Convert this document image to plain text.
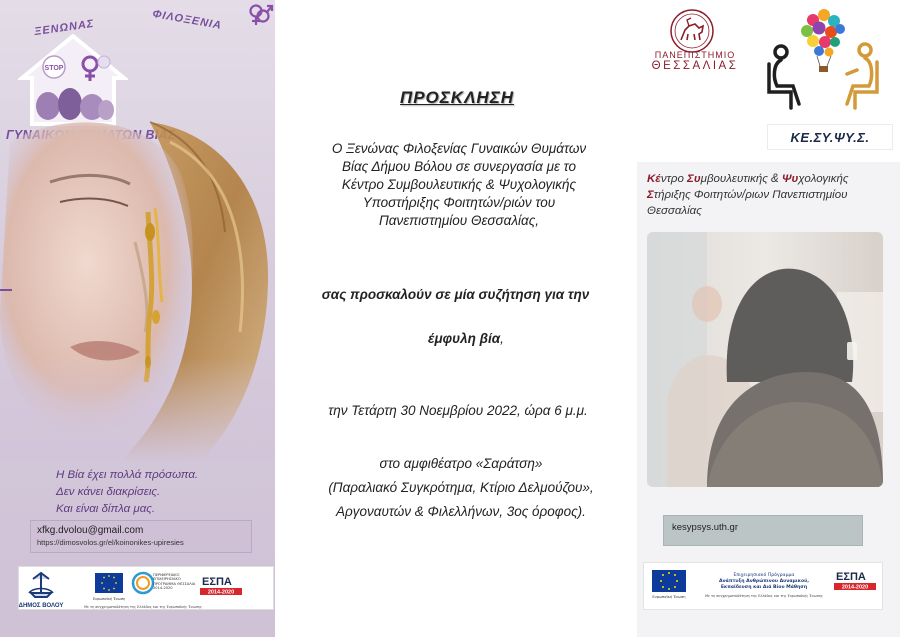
ΞΕΝΩΝΑΣ	ΦΙΛΟΞΕΝΙΑ
STOP
Η Βία έχει πολλά πρόσωπα.
Δεν κάνει διακρίσεις.
Και είναι δίπλα μας.
xfkg.dvolou@gmail.com
https://dimosvolos.gr/el/koinonikes-upiresies
ΔΗΜΟΣ ΒΟΛΟΥ
Ευρωπαϊκή Ένωση
ΠΕΡΙΦΕΡΕΙΑΚΟ ΕΠΙΧΕΙΡΗΣΙΑΚΟ ΠΡΟΓΡΑΜΜΑ ΘΕΣΣΑΛΙΑ 2014-2020
ΕΣΠΑ
2014-2020
Με τη συγχρηματοδότηση της Ελλάδας και της Ευρωπαϊκής Ένωσης
ΠΡΟΣΚΛΗΣΗ
Ο Ξενώνας Φιλοξενίας Γυναικών Θυμάτων
Βίας Δήμου Βόλου σε συνεργασία με το
Κέντρο Συμβουλευτικής & Ψυχολογικής
Υποστήριξης Φοιτητών/ριών του
Πανεπιστημίου Θεσσαλίας,
σας προσκαλούν σε μία συζήτηση για την
έμφυλη βία,
την Τετάρτη 30 Νοεμβρίου 2022, ώρα 6 μ.μ.
στο αμφιθέατρο «Σαράτση»
(Παραλιακό Συγκρότημα, Κτίριο Δελμούζου»,
Αργοναυτών & Φιλελλήνων, 3ος όροφος).
ΠΑΝΕΠΙΣΤΗΜΙΟ
ΘΕΣΣΑΛΙΑΣ
ΚΕ.ΣΥ.ΨΥ.Σ.
Κέντρο Συμβουλευτικής & Ψυχολογικής
Στήριξης Φοιτητών/ριων Πανεπιστημίου
Θεσσαλίας
kesypsys.uth.gr
Ευρωπαϊκή Ένωση
Επιχειρησιακό Πρόγραμμα
Ανάπτυξη Ανθρώπινου Δυναμικού,
Εκπαίδευση και Διά Βίου Μάθηση
Με τη συγχρηματοδότηση της Ελλάδας και της Ευρωπαϊκής Ένωσης
ΕΣΠΑ
2014-2020
